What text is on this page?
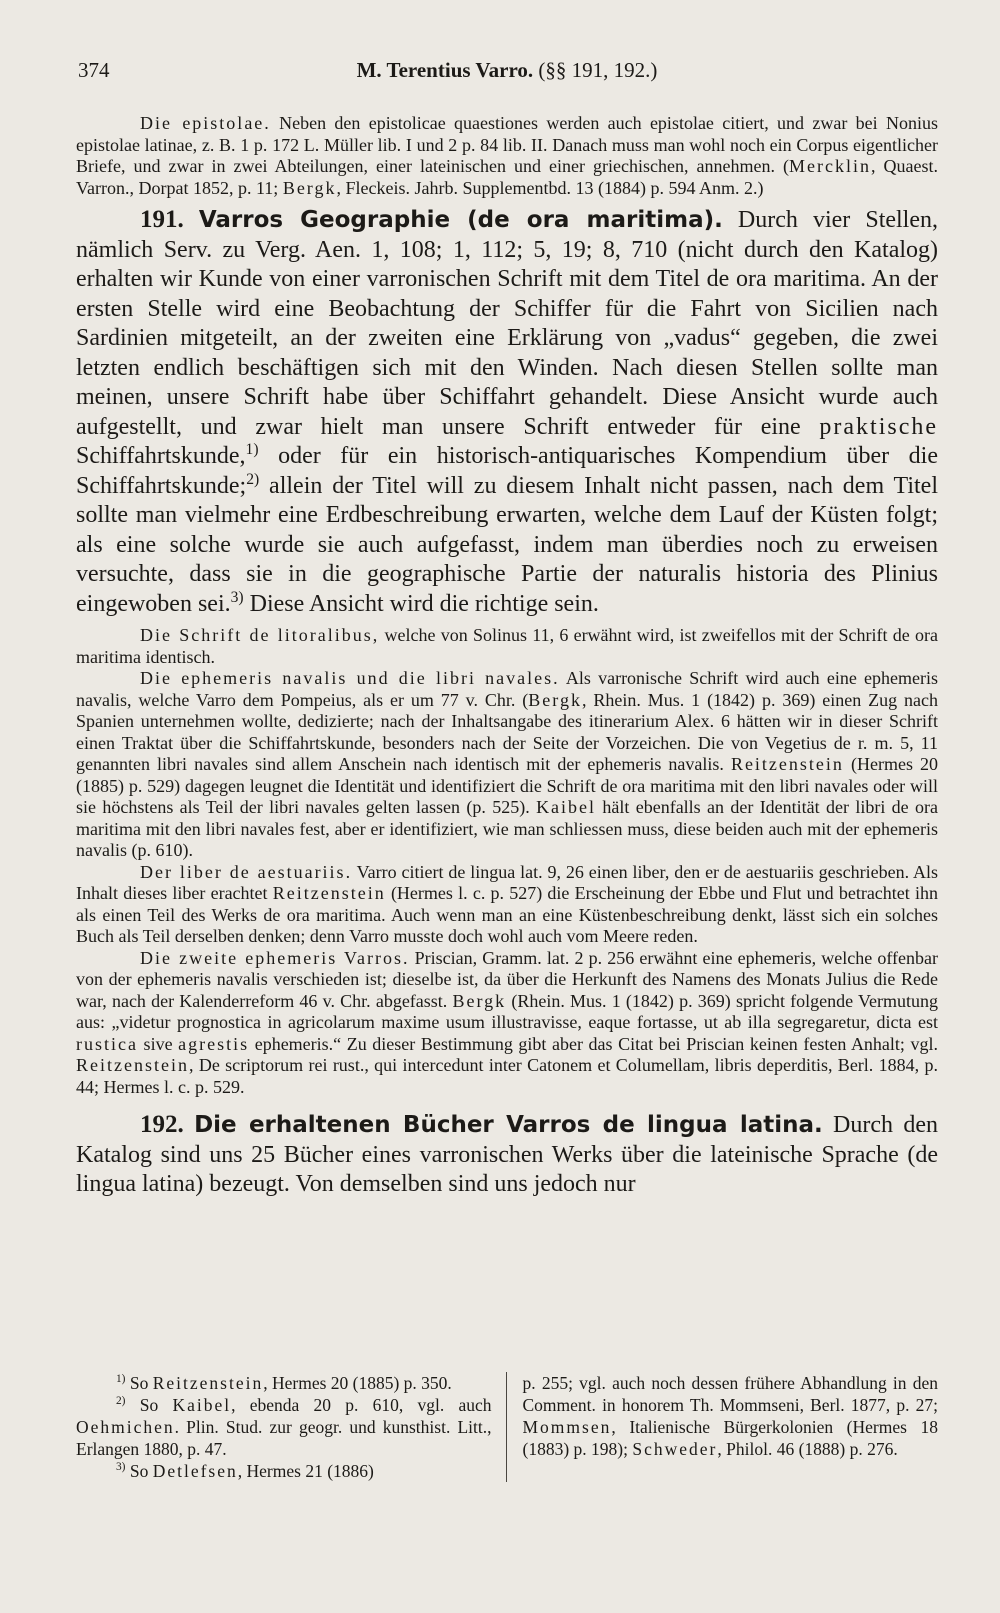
374	M. Terentius Varro. (§§ 191, 192.)

Die epistolae. Neben den epistolicae quaestiones werden auch epistolae citiert, und zwar bei Nonius epistolae latinae, z. B. 1 p. 172 L. Müller lib. I und 2 p. 84 lib. II. Danach muss man wohl noch ein Corpus eigentlicher Briefe, und zwar in zwei Abteilungen, einer lateinischen und einer griechischen, annehmen. (Mercklin, Quaest. Varron., Dorpat 1852, p. 11; Bergk, Fleckeis. Jahrb. Supplementbd. 13 (1884) p. 594 Anm. 2.)

191. Varros Geographie (de ora maritima). Durch vier Stellen, nämlich Serv. zu Verg. Aen. 1, 108; 1, 112; 5, 19; 8, 710 (nicht durch den Katalog) erhalten wir Kunde von einer varronischen Schrift mit dem Titel de ora maritima. An der ersten Stelle wird eine Beobachtung der Schiffer für die Fahrt von Sicilien nach Sardinien mitgeteilt, an der zweiten eine Erklärung von „vadus“ gegeben, die zwei letzten endlich beschäftigen sich mit den Winden. Nach diesen Stellen sollte man meinen, unsere Schrift habe über Schiffahrt gehandelt. Diese Ansicht wurde auch aufgestellt, und zwar hielt man unsere Schrift entweder für eine praktische Schiffahrtskunde,$^{1)}$ oder für ein historisch-antiquarisches Kompendium über die Schiffahrtskunde;$^{2)}$ allein der Titel will zu diesem Inhalt nicht passen, nach dem Titel sollte man vielmehr eine Erdbeschreibung erwarten, welche dem Lauf der Küsten folgt; als eine solche wurde sie auch aufgefasst, indem man überdies noch zu erweisen versuchte, dass sie in die geographische Partie der naturalis historia des Plinius eingewoben sei.$^{3)}$ Diese Ansicht wird die richtige sein.

Die Schrift de litoralibus, welche von Solinus 11, 6 erwähnt wird, ist zweifellos mit der Schrift de ora maritima identisch.

Die ephemeris navalis und die libri navales. Als varronische Schrift wird auch eine ephemeris navalis, welche Varro dem Pompeius, als er um 77 v. Chr. (Bergk, Rhein. Mus. 1 (1842) p. 369) einen Zug nach Spanien unternehmen wollte, dedizierte; nach der Inhaltsangabe des itinerarium Alex. 6 hätten wir in dieser Schrift einen Traktat über die Schiffahrtskunde, besonders nach der Seite der Vorzeichen. Die von Vegetius de r. m. 5, 11 genannten libri navales sind allem Anschein nach identisch mit der ephemeris navalis. Reitzenstein (Hermes 20 (1885) p. 529) dagegen leugnet die Identität und identifiziert die Schrift de ora maritima mit den libri navales oder will sie höchstens als Teil der libri navales gelten lassen (p. 525). Kaibel hält ebenfalls an der Identität der libri de ora maritima mit den libri navales fest, aber er identifiziert, wie man schliessen muss, diese beiden auch mit der ephemeris navalis (p. 610).

Der liber de aestuariis. Varro citiert de lingua lat. 9, 26 einen liber, den er de aestuariis geschrieben. Als Inhalt dieses liber erachtet Reitzenstein (Hermes l. c. p. 527) die Erscheinung der Ebbe und Flut und betrachtet ihn als einen Teil des Werks de ora maritima. Auch wenn man an eine Küstenbeschreibung denkt, lässt sich ein solches Buch als Teil derselben denken; denn Varro musste doch wohl auch vom Meere reden.

Die zweite ephemeris Varros. Priscian, Gramm. lat. 2 p. 256 erwähnt eine ephemeris, welche offenbar von der ephemeris navalis verschieden ist; dieselbe ist, da über die Herkunft des Namens des Monats Julius die Rede war, nach der Kalenderreform 46 v. Chr. abgefasst. Bergk (Rhein. Mus. 1 (1842) p. 369) spricht folgende Vermutung aus: „videtur prognostica in agricolarum maxime usum illustravisse, eaque fortasse, ut ab illa segregaretur, dicta est rustica sive agrestis ephemeris.“ Zu dieser Bestimmung gibt aber das Citat bei Priscian keinen festen Anhalt; vgl. Reitzenstein, De scriptorum rei rust., qui intercedunt inter Catonem et Columellam, libris deperditis, Berl. 1884, p. 44; Hermes l. c. p. 529.

192. Die erhaltenen Bücher Varros de lingua latina. Durch den Katalog sind uns 25 Bücher eines varronischen Werks über die lateinische Sprache (de lingua latina) bezeugt. Von demselben sind uns jedoch nur

$^{1)}$ So Reitzenstein, Hermes 20 (1885) p. 350.

$^{2)}$ So Kaibel, ebenda 20 p. 610, vgl. auch Oehmichen. Plin. Stud. zur geogr. und kunsthist. Litt., Erlangen 1880, p. 47.

$^{3)}$ So Detlefsen, Hermes 21 (1886)

p. 255; vgl. auch noch dessen frühere Abhandlung in den Comment. in honorem Th. Mommseni, Berl. 1877, p. 27; Mommsen, Italienische Bürgerkolonien (Hermes 18 (1883) p. 198); Schweder, Philol. 46 (1888) p. 276.
